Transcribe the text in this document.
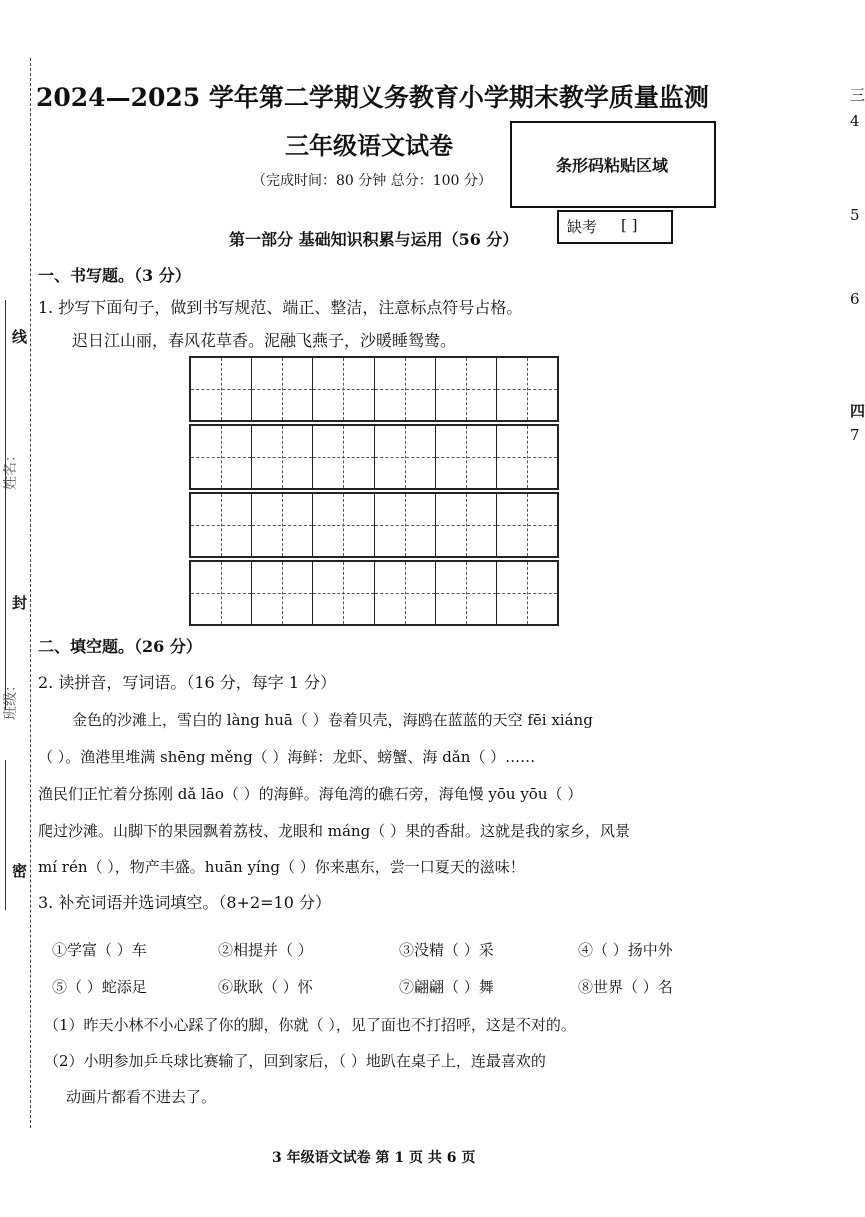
线
封
密
姓名：
班级：
2024—2025 学年第二学期义务教育小学期末教学质量监测
三年级语文试卷
（完成时间：80 分钟 总分：100 分）
条形码粘贴区域
第一部分 基础知识积累与运用（56 分）
缺考 [ ]
一、书写题。（3 分）
1. 抄写下面句子，做到书写规范、端正、整洁，注意标点符号占格。
迟日江山丽，春风花草香。泥融飞燕子，沙暖睡鸳鸯。
二、填空题。（26 分）
2. 读拼音，写词语。（16 分，每字 1 分）
金色的沙滩上，雪白的 làng huā（ ）卷着贝壳，海鸥在蓝蓝的天空 fēi xiáng
（ ）。渔港里堆满 shēng měng（ ）海鲜：龙虾、螃蟹、海 dǎn（ ）……
渔民们正忙着分拣刚 dǎ lāo（ ）的海鲜。海龟湾的礁石旁，海龟慢 yōu yōu（ ）
爬过沙滩。山脚下的果园飘着荔枝、龙眼和 máng（ ）果的香甜。这就是我的家乡，风景
mí rén（ ），物产丰盛。huān yíng（ ）你来惠东，尝一口夏天的滋味！
3. 补充词语并选词填空。（8+2=10 分）
①学富（ ）车	②相提并（ ）	③没精（ ）采	④（ ）扬中外
⑤（ ）蛇添足	⑥耿耿（ ）怀	⑦翩翩（ ）舞	⑧世界（ ）名
（1）昨天小林不小心踩了你的脚，你就（ ），见了面也不打招呼，这是不对的。
（2）小明参加乒乓球比赛输了，回到家后，（ ）地趴在桌子上，连最喜欢的
动画片都看不进去了。
3 年级语文试卷 第 1 页 共 6 页
三
4
5
6
四
7
